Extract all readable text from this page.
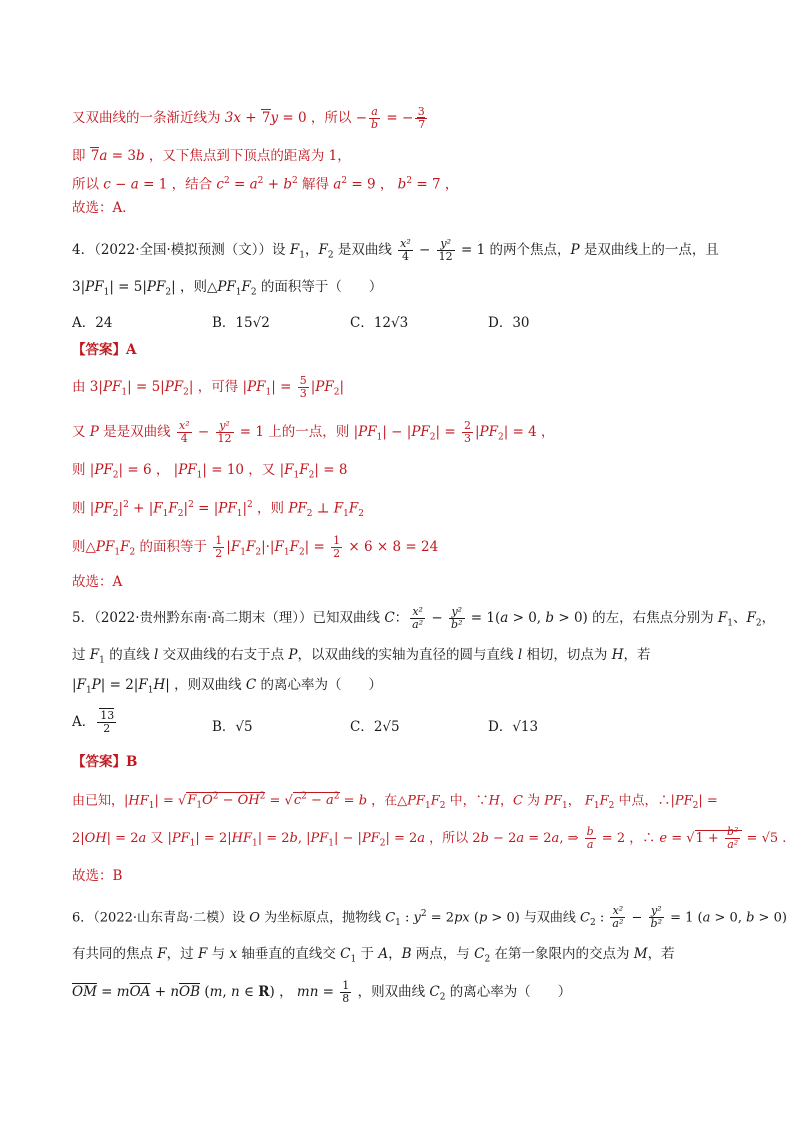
又双曲线的一条渐近线为 3x + 7y = 0 ，所以 − $\frac{a}{b}$ = − $\frac{3}{7}$
即 7a = 3b ，又下焦点到下顶点的距离为 1，
所以 c − a = 1 ，结合 $c^2 = a^2 + b^2$ 解得 $a^2 = 9$ ， $b^2 = 7$ ，
故选：A．
4．（2022·全国·模拟预测（文））设 $F_1$，$F_2$ 是双曲线 $\frac{\text{x²}}{4} - \frac{\text{y²}}{12} = 1$ 的两个焦点，P 是双曲线上的一点，且
$3|PF_1| = 5|PF_2|$ ，则$\triangle PF_1F_2$ 的面积等于（　　）
A．24	B．15√2	C．12√3	D．30
【答案】A
由 $3|PF_1| = 5|PF_2|$ ，可得 $|PF_1| = \frac{5}{3} |PF_2|$
又 P 是是双曲线 $\frac{\text{x²}}{4} - \frac{\text{y²}}{12} = 1$ 上的一点，则 $|PF_1| - |PF_2| = \frac{2}{3} |PF_2| = 4$ ，
则 $|PF_2| = 6$ ， $|PF_1| = 10$ ，又 $|F_1F_2| = 8$
则 $|PF_2|^2 + |F_1F_2|^2 = |PF_1|^2$ ，则 $PF_2$ ⊥ $F_1F_2$
则$\triangle PF_1F_2$ 的面积等于 $\frac{1}{2} |F_1F_2|\cdot|F_1F_2| = \frac{1}{2} \times 6 \times 8 = 24$
故选：A
5．（2022·贵州黔东南·高二期末（理））已知双曲线 C： $\frac{\text{x²}}{\text{a²}} - \frac{\text{y²}}{\text{b²}} = 1(a > 0$, b > 0) 的左，右焦点分别为 $F_1$、$F_2$，
过 $F_1$ 的直线 l 交双曲线的右支于点 P，以双曲线的实轴为直径的圆与直线 l 相切，切点为 H，若
$|F_1P| = 2|F_1H|$ ，则双曲线 C 的离心率为（　　）
A． $\frac{13}{2}$	B．√5	C．2√5	D．√13
【答案】B
由已知，$|HF_1| = √F_1O^2 - OH^2 = √c^2 - a^2 = b$ ，在$\triangle PF_1F_2$ 中，∵H，C 为 $PF_1$， $F_1F_2$ 中点，$\therefore|PF_2|$ =
2|OH| = 2a 又 $|PF_1| = 2|HF_1| = 2b$, $|PF_1| - |PF_2| = 2a$ ，所以 2b − 2a = 2a, ⇒ $\frac{b}{a} = 2$ ，∴ $e = √1 + \frac{\text{b²}}{\text{a²}} = √5$ .
故选：B
6．（2022·山东青岛·二模）设 O 为坐标原点，抛物线 $C_1$ : $y^2 = 2px$ (p > 0) 与双曲线 $C_2$ : $\frac{\text{x²}}{\text{a²}} - \frac{\text{y²}}{\text{b²}} = 1$ (a > 0, b > 0)
有共同的焦点 F，过 F 与 x 轴垂直的直线交 $C_1$ 于 A，B 两点，与 $C_2$ 在第一象限内的交点为 M，若
$\overline{OM} = m\overline{OA} + n\overline{OB}$ (m, n ∈ R) ， mn = $\frac{1}{8}$ ，则双曲线 $C_2$ 的离心率为（　　）
